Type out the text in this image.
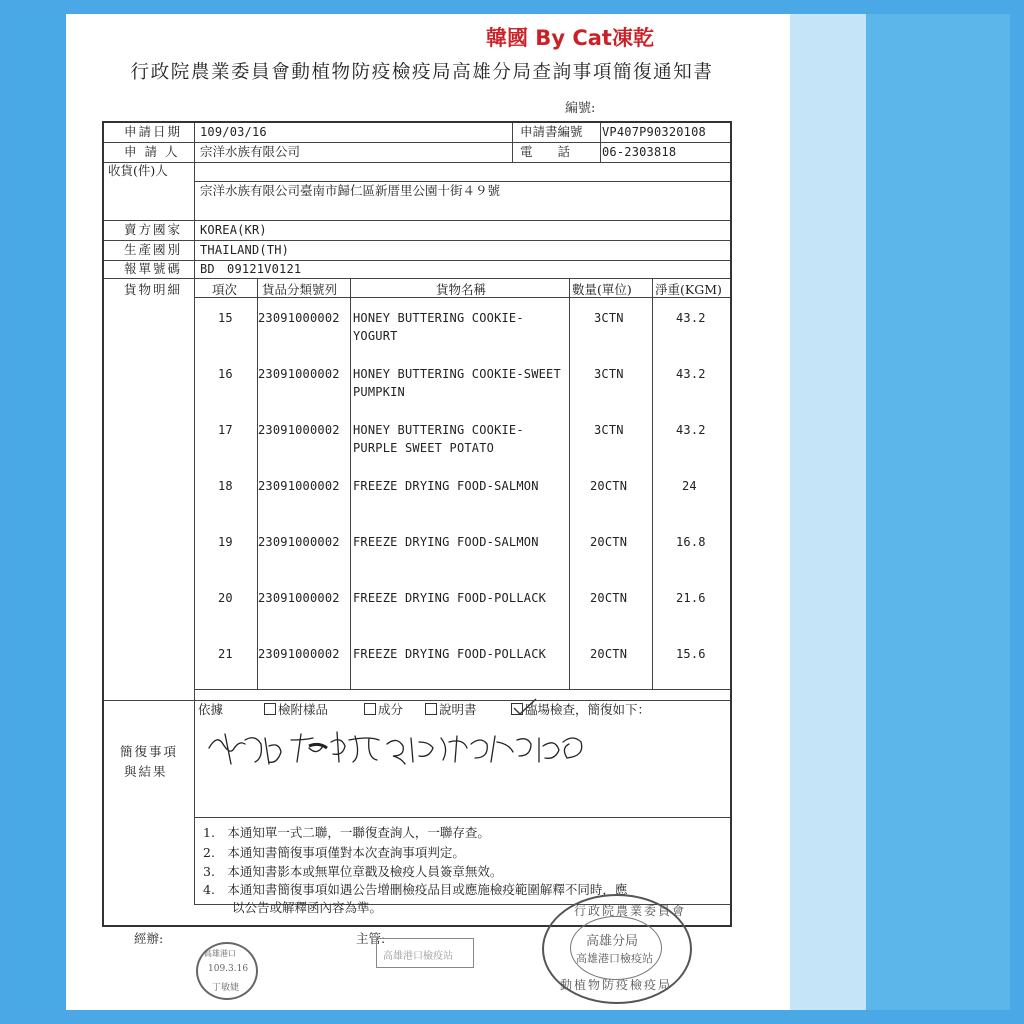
韓國 By Cat凍乾
行政院農業委員會動植物防疫檢疫局高雄分局查詢事項簡復通知書
編號:
申請日期 109/03/16	申請書編號 VP407P90320108
申 請 人 宗洋水族有限公司	電　　話	06-2303818
收貨(件)人
宗洋水族有限公司臺南市歸仁區新厝里公園十街４９號
賣方國家 KOREA(KR)
生產國別 THAILAND(TH)
報單號碼 BD　09121V0121
貨物明細 項次 貨品分類號列	貨物名稱	數量(單位) 淨重(KGM)
15 23091000002 HONEY BUTTERING COOKIE-
YOGURT
3CTN	43.2
16 23091000002 HONEY BUTTERING COOKIE-SWEET
PUMPKIN
3CTN	43.2
17 23091000002 HONEY BUTTERING COOKIE-
PURPLE SWEET POTATO
3CTN	43.2
18 23091000002 FREEZE DRYING FOOD-SALMON	20CTN	24
19 23091000002 FREEZE DRYING FOOD-SALMON	20CTN	16.8
20 23091000002 FREEZE DRYING FOOD-POLLACK	20CTN	21.6
21 23091000002 FREEZE DRYING FOOD-POLLACK	20CTN	15.6
依據	檢附樣品	成分	說明書	臨場檢查，簡復如下：
簡復事項
與結果
1.　本通知單一式二聯，一聯復查詢人，一聯存查。
2.　本通知書簡復事項僅對本次查詢事項判定。
3.　本通知書影本或無單位章戳及檢疫人員簽章無效。
4.　本通知書簡復事項如遇公告增刪檢疫品目或應施檢疫範圍解釋不同時，應
　　 以公告或解釋函內容為準。
經辦:	主管:
高雄港口
109.3.16
丁敏婕
高雄港口檢疫站
行政院農業委員會
高雄分局
高雄港口檢疫站
動植物防疫檢疫局
